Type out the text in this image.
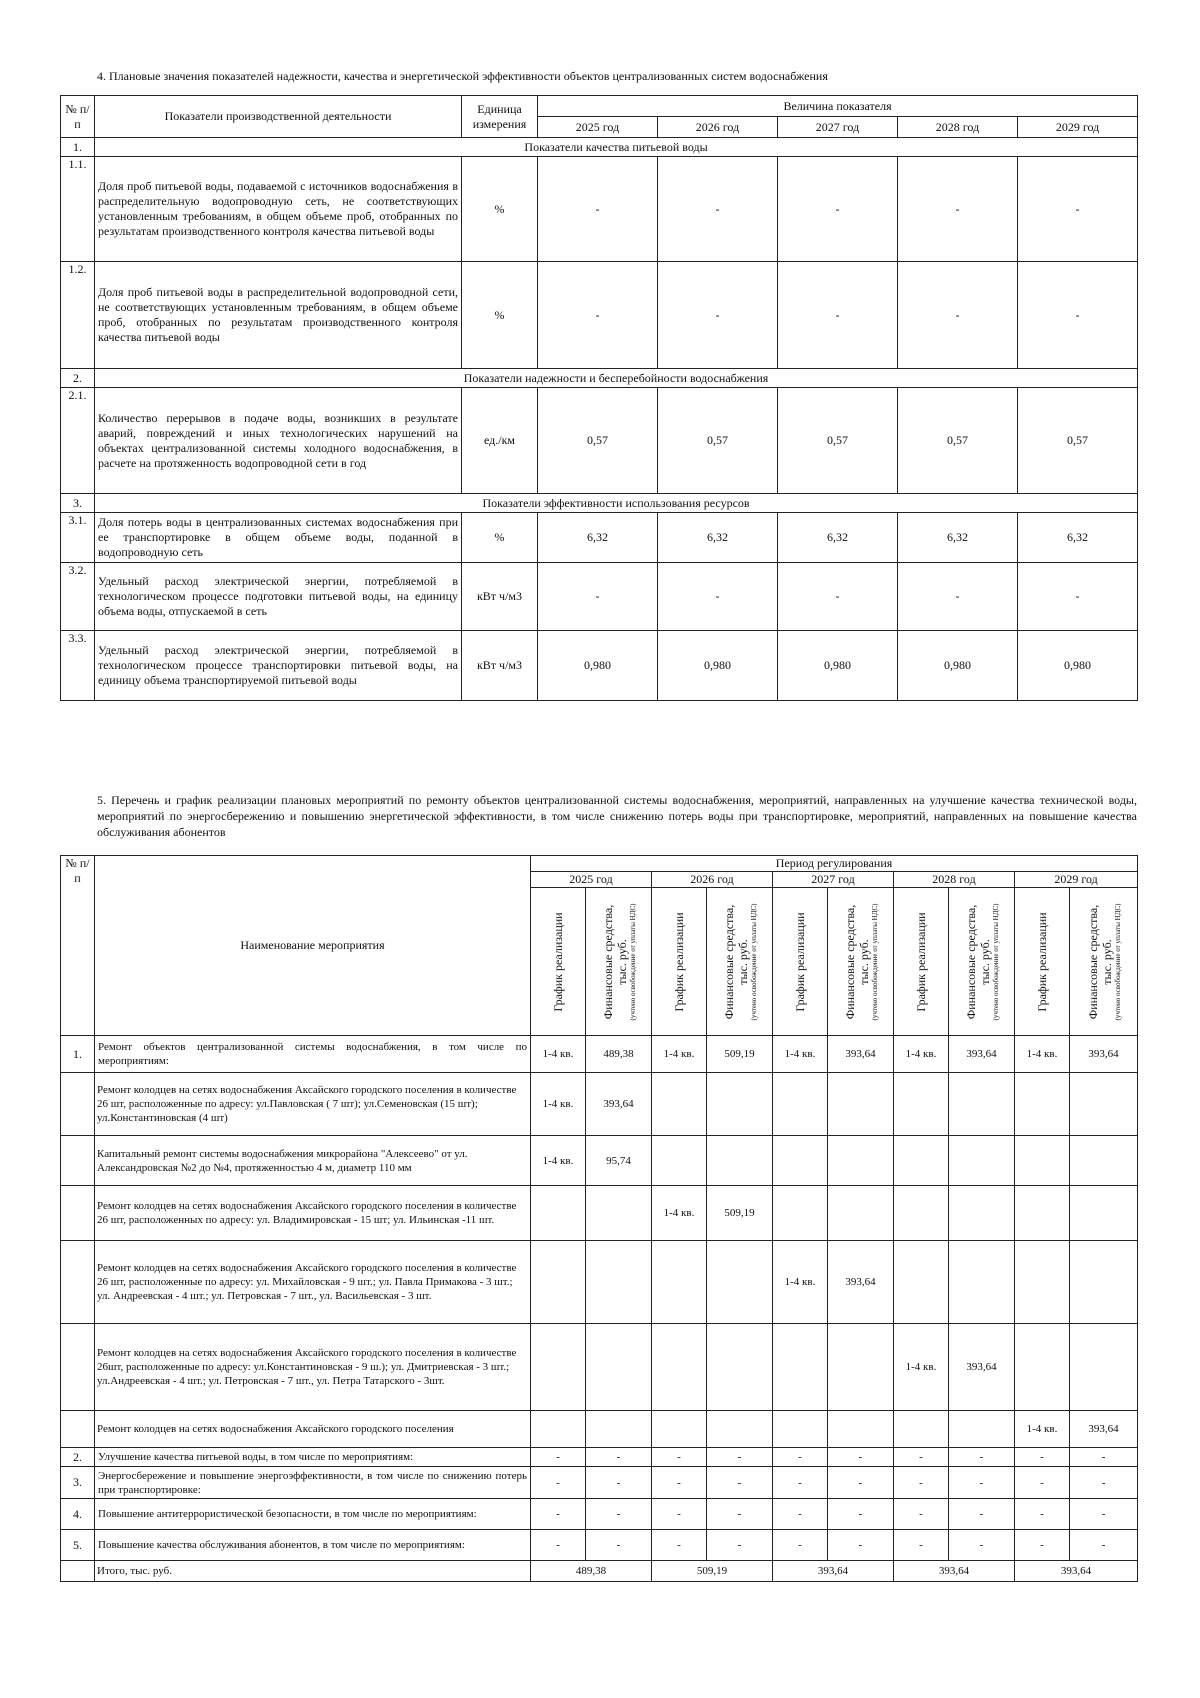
4. Плановые значения показателей надежности, качества и энергетической эффективности объектов централизованных систем водоснабжения
№ п/п	Показатели производственной деятельности	Единица измерения	Величина показателя				
			2025 год	2026 год	2027 год	2028 год	2029 год
1.	Показатели качества питьевой воды						
1.1.	Доля проб питьевой воды, подаваемой с источников водоснабжения в распределительную водопроводную сеть, не соответствующих установленным требованиям, в общем объеме проб, отобранных по результатам производственного контроля качества питьевой воды	%	-	-	-	-	-
1.2.	Доля проб питьевой воды в распределительной водопроводной сети, не соответствующих установленным требованиям, в общем объеме проб, отобранных по результатам производственного контроля качества питьевой воды	%	-	-	-	-	-
2.	Показатели надежности и бесперебойности водоснабжения						
2.1.	Количество перерывов в подаче воды, возникших в результате аварий, повреждений и иных технологических нарушений на объектах централизованной системы холодного водоснабжения, в расчете на протяженность водопроводной сети в год	ед./км	0,57	0,57	0,57	0,57	0,57
3.	Показатели эффективности использования ресурсов						
3.1.	Доля потерь воды в централизованных системах водоснабжения при ее транспортировке в общем объеме воды, поданной в водопроводную сеть	%	6,32	6,32	6,32	6,32	6,32
3.2.	Удельный расход электрической энергии, потребляемой в технологическом процессе подготовки питьевой воды, на единицу объема воды, отпускаемой в сеть	кВт ч/м3	-	-	-	-	-
3.3.	Удельный расход электрической энергии, потребляемой в технологическом процессе транспортировки питьевой воды, на единицу объема транспортируемой питьевой воды	кВт ч/м3	0,980	0,980	0,980	0,980	0,980
5. Перечень и график реализации плановых мероприятий по ремонту объектов централизованной системы водоснабжения, мероприятий, направленных на улучшение качества технической воды, мероприятий по энергосбережению и повышению энергетической эффективности, в том числе снижению потерь воды при транспортировке, мероприятий, направленных на повышение качества обслуживания абонентов
№ п/п	Наименование мероприятия	Период регулирования									
		2025 год		2026 год		2027 год		2028 год		2029 год	

		График реализации	Финансовые средства, тыс. руб. (учтено освобождение от уплаты НДС)	График реализации	Финансовые средства, тыс. руб. (учтено освобождение от уплаты НДС)	График реализации	Финансовые средства, тыс. руб. (учтено освобождение от уплаты НДС)	График реализации	Финансовые средства, тыс. руб. (учтено освобождение от уплаты НДС)	График реализации	Финансовые средства, тыс. руб. (учтено освобождение от уплаты НДС)

1.	Ремонт объектов централизованной системы водоснабжения, в том числе по мероприятиям:	1-4 кв.	489,38	1-4 кв.	509,19	1-4 кв.	393,64	1-4 кв.	393,64	1-4 кв.	393,64
	Ремонт колодцев на сетях водоснабжения Аксайского городского поселения в количестве 26 шт, расположенные по адресу: ул.Павловская ( 7 шт); ул.Семеновская (15 шт); ул.Константиновская (4 шт)	1-4 кв.	393,64								
	Капитальный ремонт системы водоснабжения микрорайона "Алексеево" от ул. Александровская №2 до №4, протяженностью 4 м, диаметр 110 мм	1-4 кв.	95,74								
	Ремонт колодцев на сетях водоснабжения Аксайского городского поселения в количестве 26 шт, расположенных по адресу: ул. Владимировская - 15 шт; ул. Ильинская -11 шт.			1-4 кв.	509,19						
	Ремонт колодцев на сетях водоснабжения Аксайского городского поселения в количестве 26 шт, расположенные по адресу: ул. Михайловская - 9 шт.; ул. Павла Примакова - 3 шт.; ул. Андреевская - 4 шт.; ул. Петровская - 7 шт., ул. Васильевская - 3 шт.					1-4 кв.	393,64				
	Ремонт колодцев на сетях водоснабжения Аксайского городского поселения в количестве 26шт, расположенные по адресу: ул.Константиновская - 9 ш.); ул. Дмитриевская - 3 шт.; ул.Андреевская - 4 шт.; ул. Петровская - 7 шт., ул. Петра Татарского - 3шт.							1-4 кв.	393,64		
	Ремонт колодцев на сетях водоснабжения Аксайского городского поселения									1-4 кв.	393,64
2.	Улучшение качества питьевой воды, в том числе по мероприятиям:	-	-	-	-	-	-	-	-	-	-
3.	Энергосбережение и повышение энергоэффективности, в том числе по снижению потерь при транспортировке:	-	-	-	-	-	-	-	-	-	-
4.	Повышение антитеррористической безопасности, в том числе по мероприятиям:	-	-	-	-	-	-	-	-	-	-
5.	Повышение качества обслуживания абонентов, в том числе по мероприятиям:	-	-	-	-	-	-	-	-	-	-
	Итого, тыс. руб.	489,38		509,19		393,64		393,64		393,64	
